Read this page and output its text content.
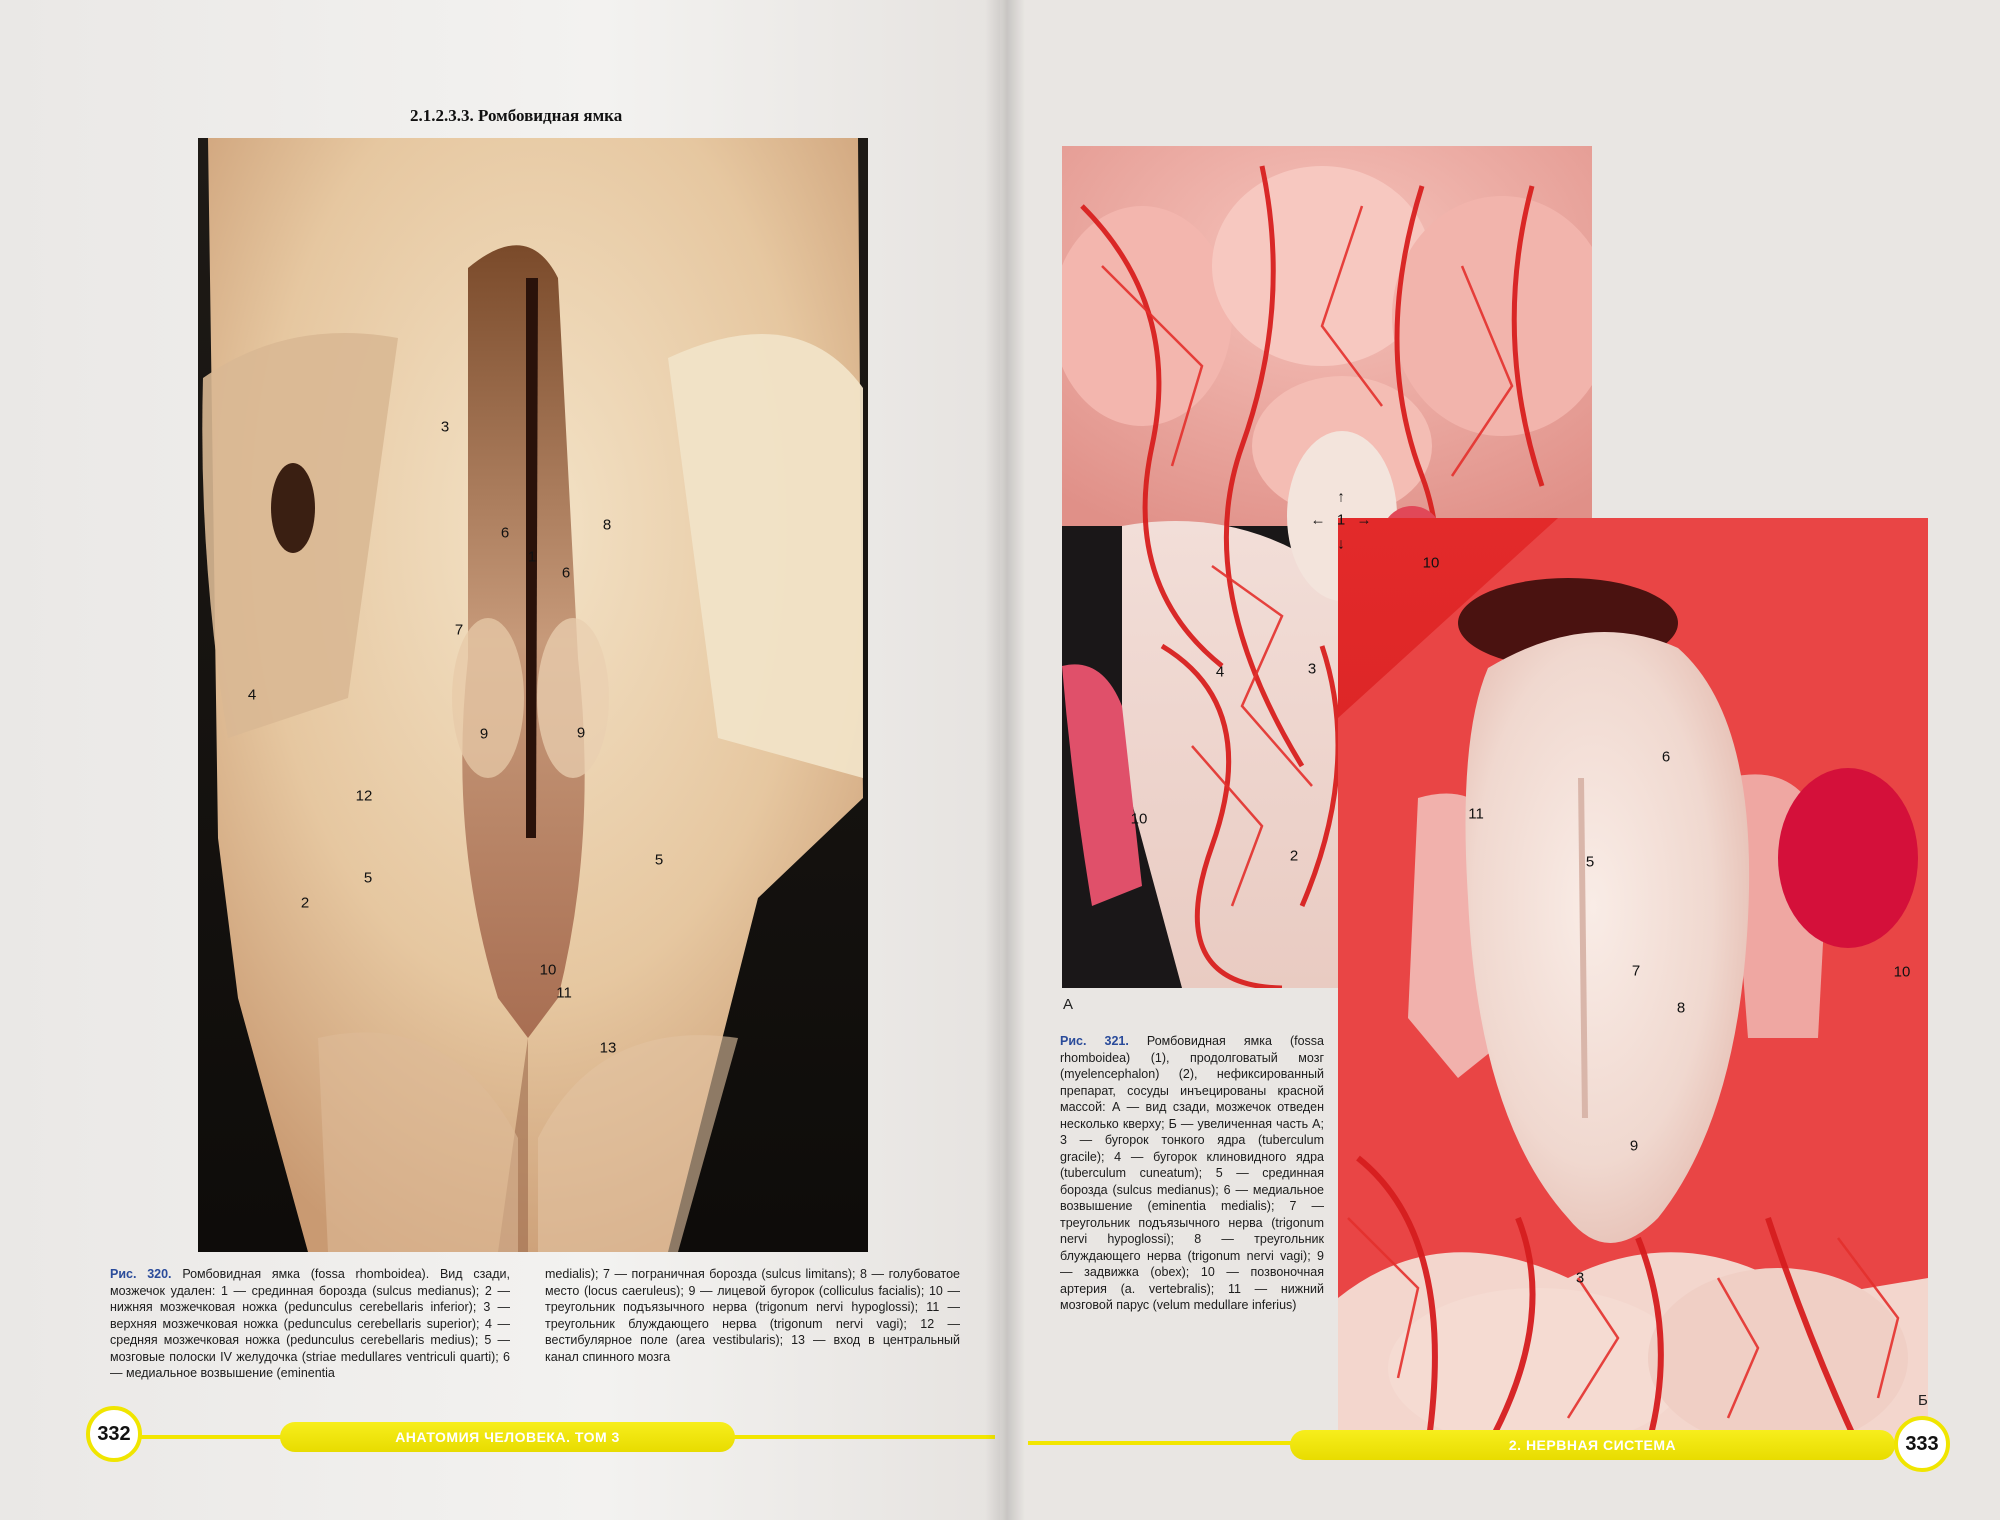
2.1.2.3.3. Ромбовидная ямка
3
6	8
1
6
7
4
9	9
12
5
5
2
10
11
13
Рис. 320. Ромбовидная ямка (fossa rhomboidea). Вид сзади, мозжечок удален: 1 — срединная борозда (sulcus medianus); 2 — нижняя мозжечковая ножка (pedunculus cerebellaris inferior); 3 — верхняя мозжечковая ножка (pedunculus cerebellaris superior); 4 — средняя мозжечковая ножка (pedunculus cerebellaris medius); 5 — мозговые полоски IV желудочка (striae medullares ventriculi quarti); 6 — медиальное возвышение (eminentia
medialis); 7 — пограничная борозда (sulcus limitans); 8 — голубоватое место (locus caeruleus); 9 — лицевой бугорок (colliculus facialis); 10 — треугольник подъязычного нерва (trigonum nervi hypoglossi); 11 — треугольник блуждающего нерва (trigonum nervi vagi); 12 — вестибулярное поле (area vestibularis); 13 — вход в центральный канал спинного мозга
АНАТОМИЯ ЧЕЛОВЕКА. ТОМ 3
332
1
↑
↓
← →
10
4	3
10
2
6
11
5
10
7
8
9
3
А
Б
Рис. 321. Ромбовидная ямка (fossa rhomboidea) (1), продолговатый мозг (myelencephalon) (2), нефиксированный препарат, сосуды инъецированы красной массой: А — вид сзади, мозжечок отведен несколько кверху; Б — увеличенная часть А; 3 — бугорок тонкого ядра (tuberculum gracile); 4 — бугорок клиновидного ядра (tuberculum cuneatum); 5 — срединная борозда (sulcus medianus); 6 — медиальное возвышение (eminentia medialis); 7 — треугольник подъязычного нерва (trigonum nervi hypoglossi); 8 — треугольник блуждающего нерва (trigonum nervi vagi); 9 — задвижка (obex); 10 — позвоночная артерия (a. vertebralis); 11 — нижний мозговой парус (velum medullare inferius)
2. НЕРВНАЯ СИСТЕМА	333
